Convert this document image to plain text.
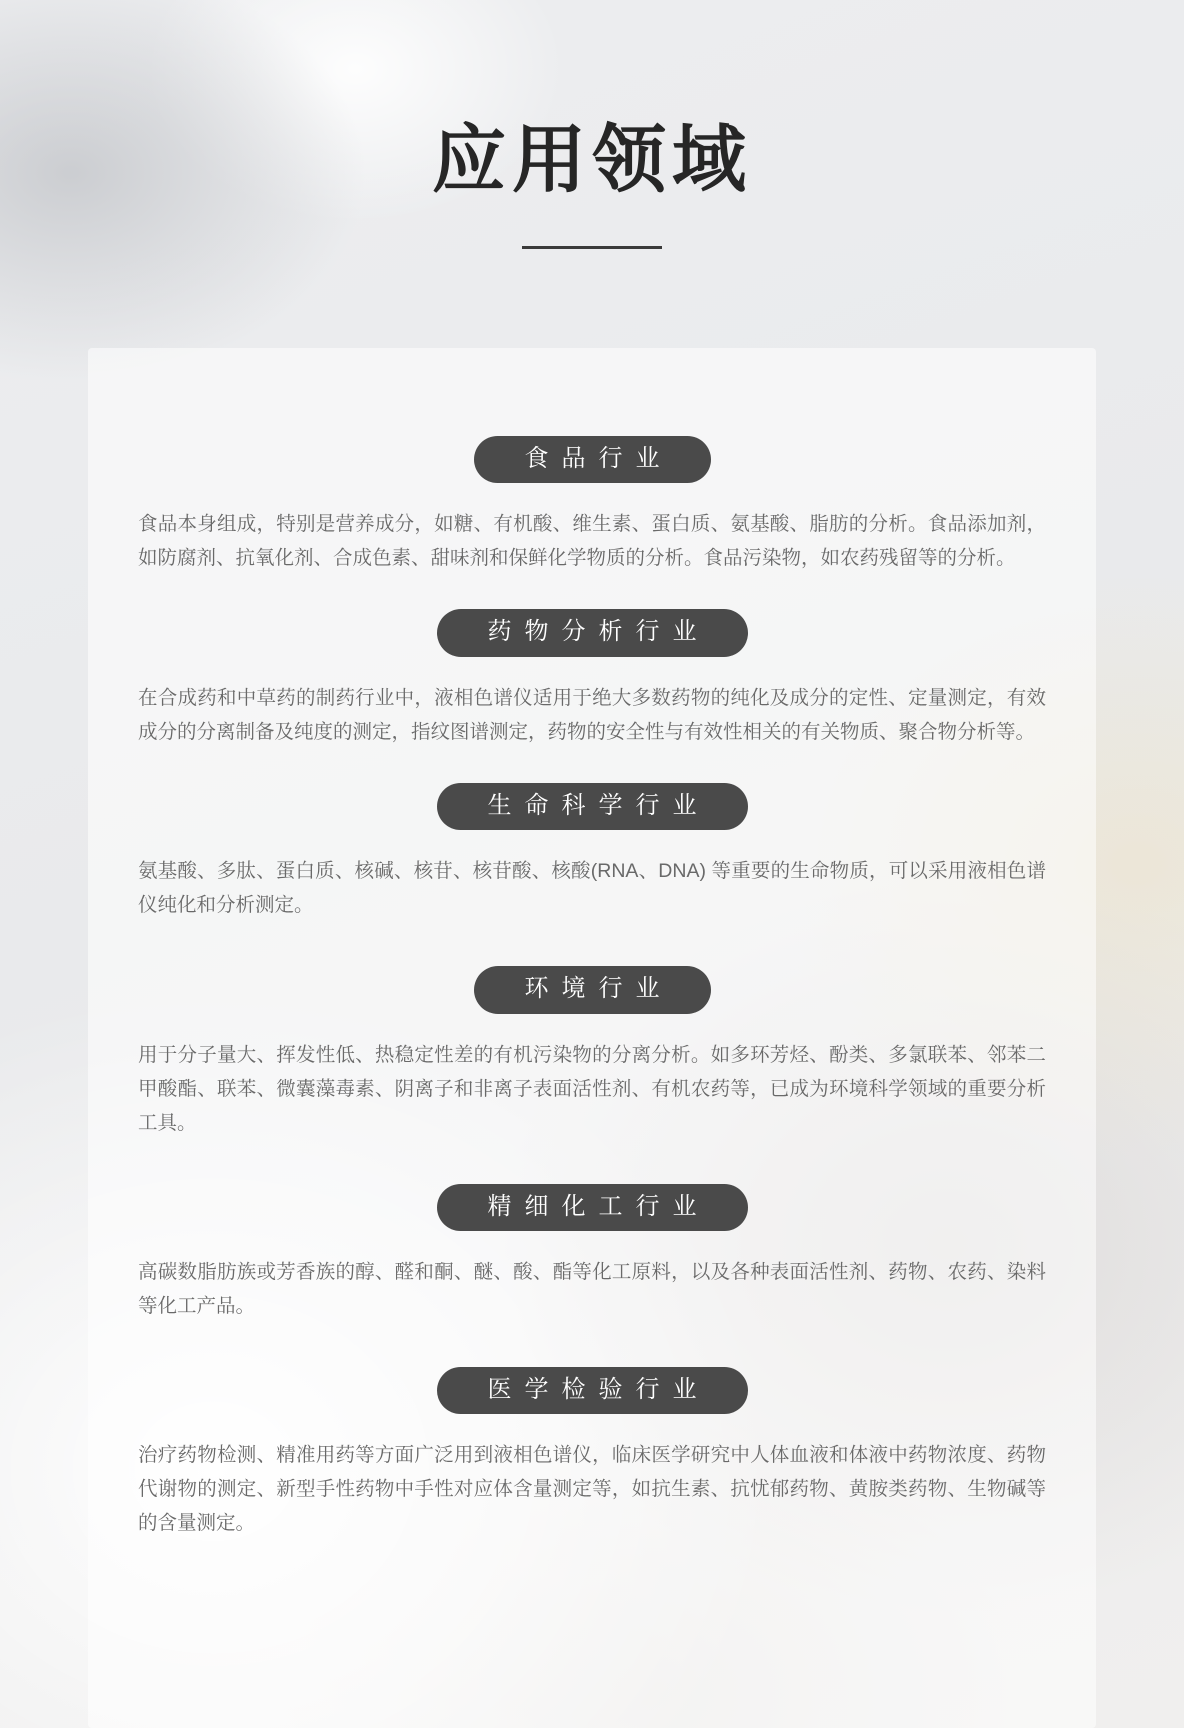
应用领域
食品行业
食品本身组成，特别是营养成分，如糖、有机酸、维生素、蛋白质、氨基酸、脂肪的分析。食品添加剂，如防腐剂、抗氧化剂、合成色素、甜味剂和保鲜化学物质的分析。食品污染物，如农药残留等的分析。
药物分析行业
在合成药和中草药的制药行业中，液相色谱仪适用于绝大多数药物的纯化及成分的定性、定量测定，有效成分的分离制备及纯度的测定，指纹图谱测定，药物的安全性与有效性相关的有关物质、聚合物分析等。
生命科学行业
氨基酸、多肽、蛋白质、核碱、核苷、核苷酸、核酸(RNA、DNA) 等重要的生命物质，可以采用液相色谱仪纯化和分析测定。
环境行业
用于分子量大、挥发性低、热稳定性差的有机污染物的分离分析。如多环芳烃、酚类、多氯联苯、邻苯二甲酸酯、联苯、微囊藻毒素、阴离子和非离子表面活性剂、有机农药等，已成为环境科学领域的重要分析工具。
精细化工行业
高碳数脂肪族或芳香族的醇、醛和酮、醚、酸、酯等化工原料，以及各种表面活性剂、药物、农药、染料等化工产品。
医学检验行业
治疗药物检测、精准用药等方面广泛用到液相色谱仪，临床医学研究中人体血液和体液中药物浓度、药物代谢物的测定、新型手性药物中手性对应体含量测定等，如抗生素、抗忧郁药物、黄胺类药物、生物碱等的含量测定。
